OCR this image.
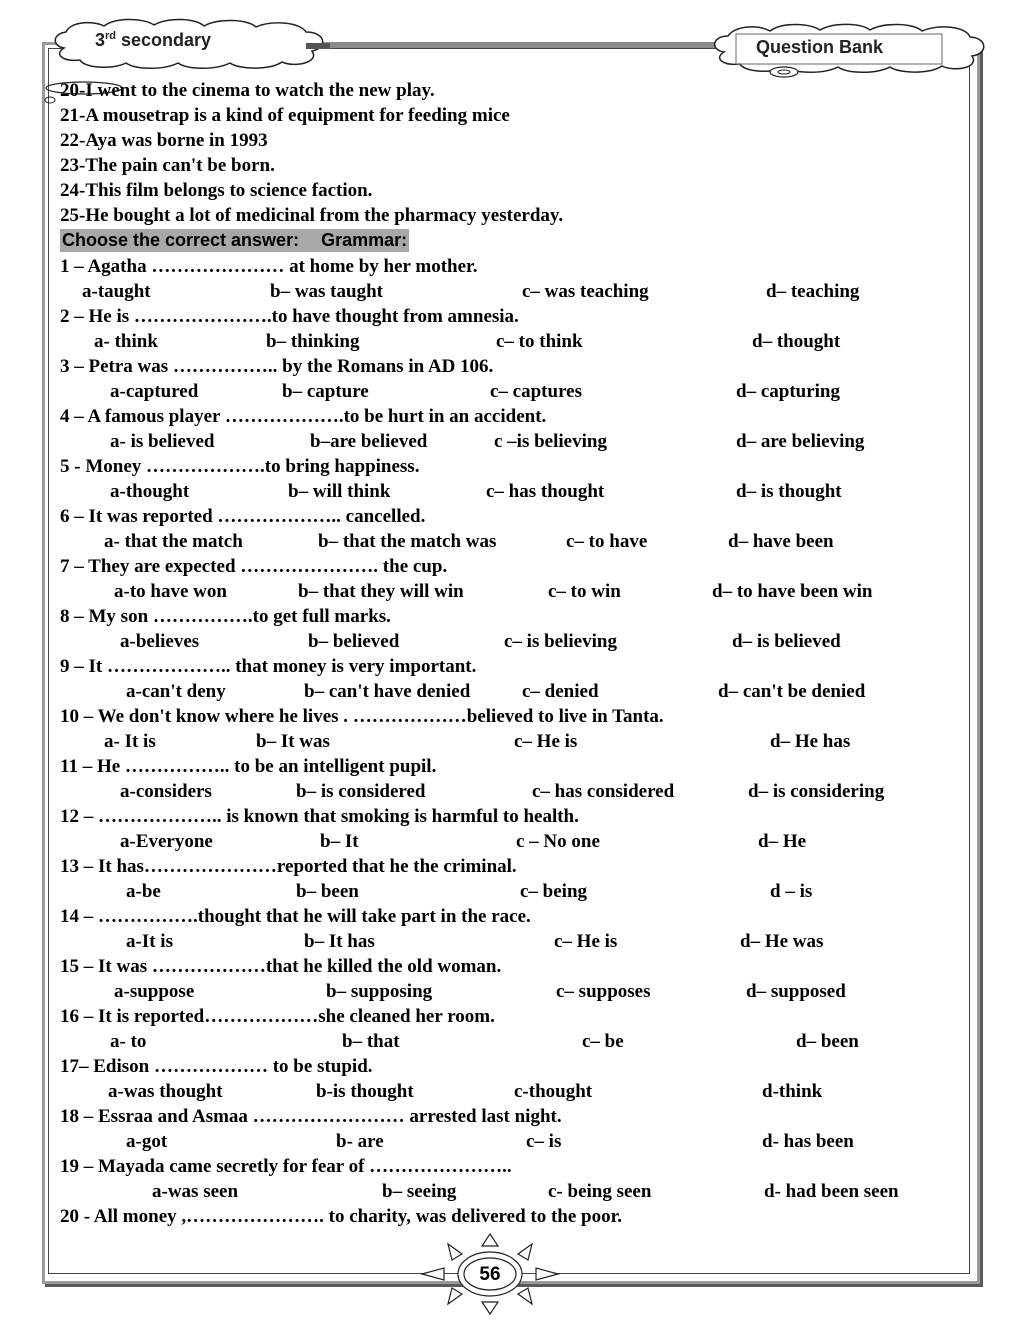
3rd secondary	Question Bank
20-I went to the cinema to watch the new play.
21-A mousetrap is a kind of equipment for feeding mice
22-Aya was borne in 1993
23-The pain can't be born.
24-This film belongs to science faction.
25-He bought a lot of medicinal from the pharmacy yesterday.
Choose the correct answer: Grammar:
1 – Agatha ………………… at home by her mother.
a-taught	b– was taught	c– was teaching	d– teaching
2 – He is ………………….to have thought from amnesia.
a- think	b– thinking	c– to think	d– thought
3 – Petra was …………….. by the Romans in AD 106.
a-captured	b– capture	c– captures	d– capturing
4 – A famous player ……………….to be hurt in an accident.
a- is believed	b–are believed	c –is believing	d– are believing
5 - Money ……………….to bring happiness.
a-thought	b– will think	c– has thought	d– is thought
6 – It was reported ……………….. cancelled.
a- that the match	b– that the match was	c– to have	d– have been
7 – They are expected …………………. the cup.
a-to have won	b– that they will win	c– to win	d– to have been win
8 – My son …………….to get full marks.
a-believes	b– believed	c– is believing	d– is believed
9 – It ……………….. that money is very important.
a-can't deny	b– can't have denied	c– denied	d– can't be denied
10 – We don't know where he lives . ………………believed to live in Tanta.
a- It is	b– It was	c– He is	d– He has
11 – He …………….. to be an intelligent pupil.
a-considers	b– is considered	c– has considered	d– is considering
12 – ……………….. is known that smoking is harmful to health.
a-Everyone	b– It	c – No one	d– He
13 – It has…………………reported that he the criminal.
a-be	b– been	c– being	d – is
14 – …………….thought that he will take part in the race.
a-It is	b– It has	c– He is	d– He was
15 – It was ………………that he killed the old woman.
a-suppose	b– supposing	c– supposes	d– supposed
16 – It is reported………………she cleaned her room.
a- to	b– that	c– be	d– been
17– Edison ……………… to be stupid.
a-was thought	b-is thought	c-thought	d-think
18 – Essraa and Asmaa …………………… arrested last night.
a-got	b- are	c– is	d- has been
19 – Mayada came secretly for fear of …………………..
a-was seen	b– seeing	c- being seen	d- had been seen
20 - All money ,…………………. to charity, was delivered to the poor.
56
